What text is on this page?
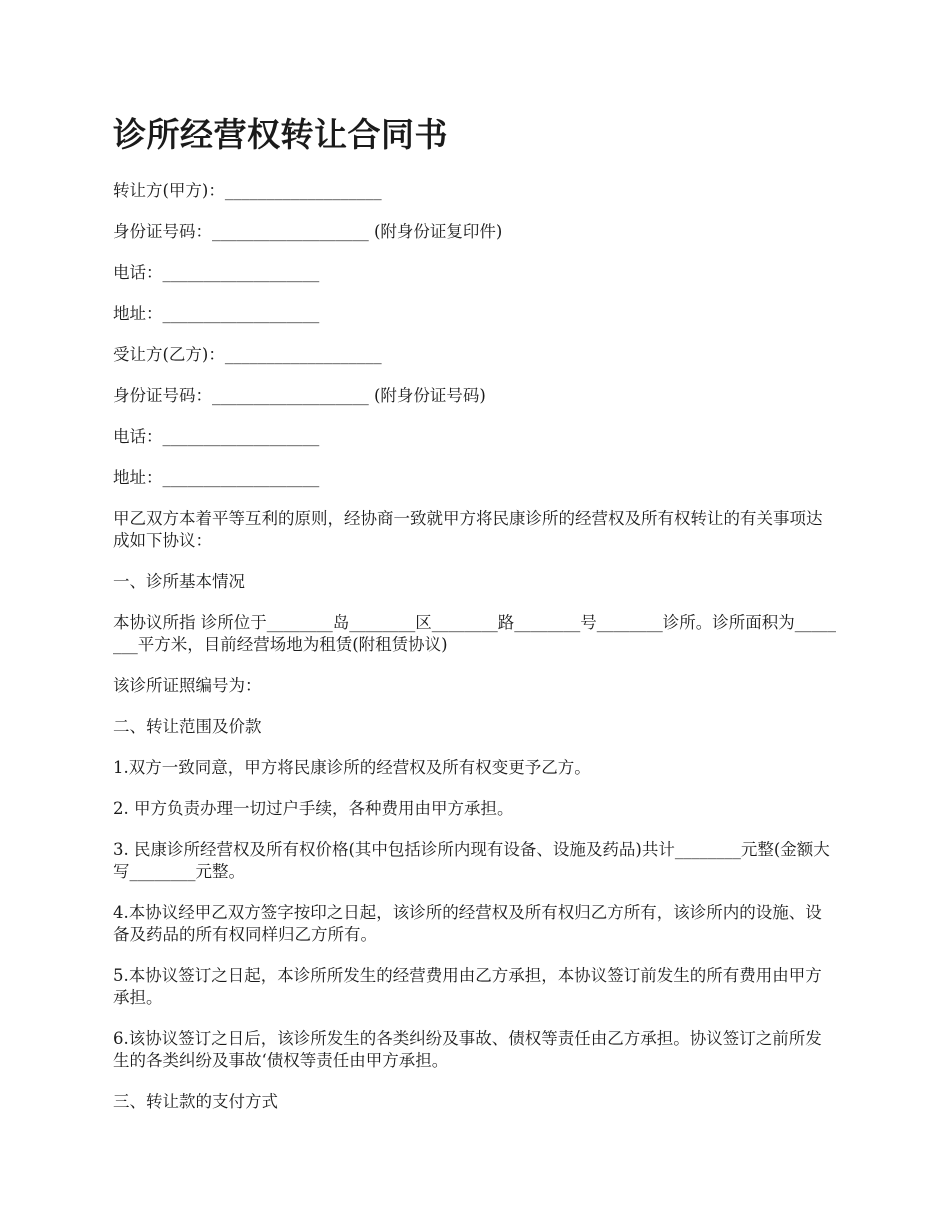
诊所经营权转让合同书

转让方(甲方)：___________________

身份证号码：___________________ (附身份证复印件)

电话：___________________

地址：___________________

受让方(乙方)：___________________

身份证号码：___________________ (附身份证号码)

电话：___________________

地址：___________________

甲乙双方本着平等互利的原则，经协商一致就甲方将民康诊所的经营权及所有权转让的有关事项达成如下协议：

一、诊所基本情况

本协议所指 诊所位于________岛________区________路________号________诊所。诊所面积为________平方米，目前经营场地为租赁(附租赁协议)

该诊所证照编号为：

二、转让范围及价款

1.双方一致同意，甲方将民康诊所的经营权及所有权变更予乙方。

2. 甲方负责办理一切过户手续，各种费用由甲方承担。

3. 民康诊所经营权及所有权价格(其中包括诊所内现有设备、设施及药品)共计________元整(金额大写________元整。

4.本协议经甲乙双方签字按印之日起，该诊所的经营权及所有权归乙方所有，该诊所内的设施、设备及药品的所有权同样归乙方所有。

5.本协议签订之日起，本诊所所发生的经营费用由乙方承担，本协议签订前发生的所有费用由甲方承担。

6.该协议签订之日后，该诊所发生的各类纠纷及事故、债权等责任由乙方承担。协议签订之前所发生的各类纠纷及事故‘债权等责任由甲方承担。

三、转让款的支付方式
